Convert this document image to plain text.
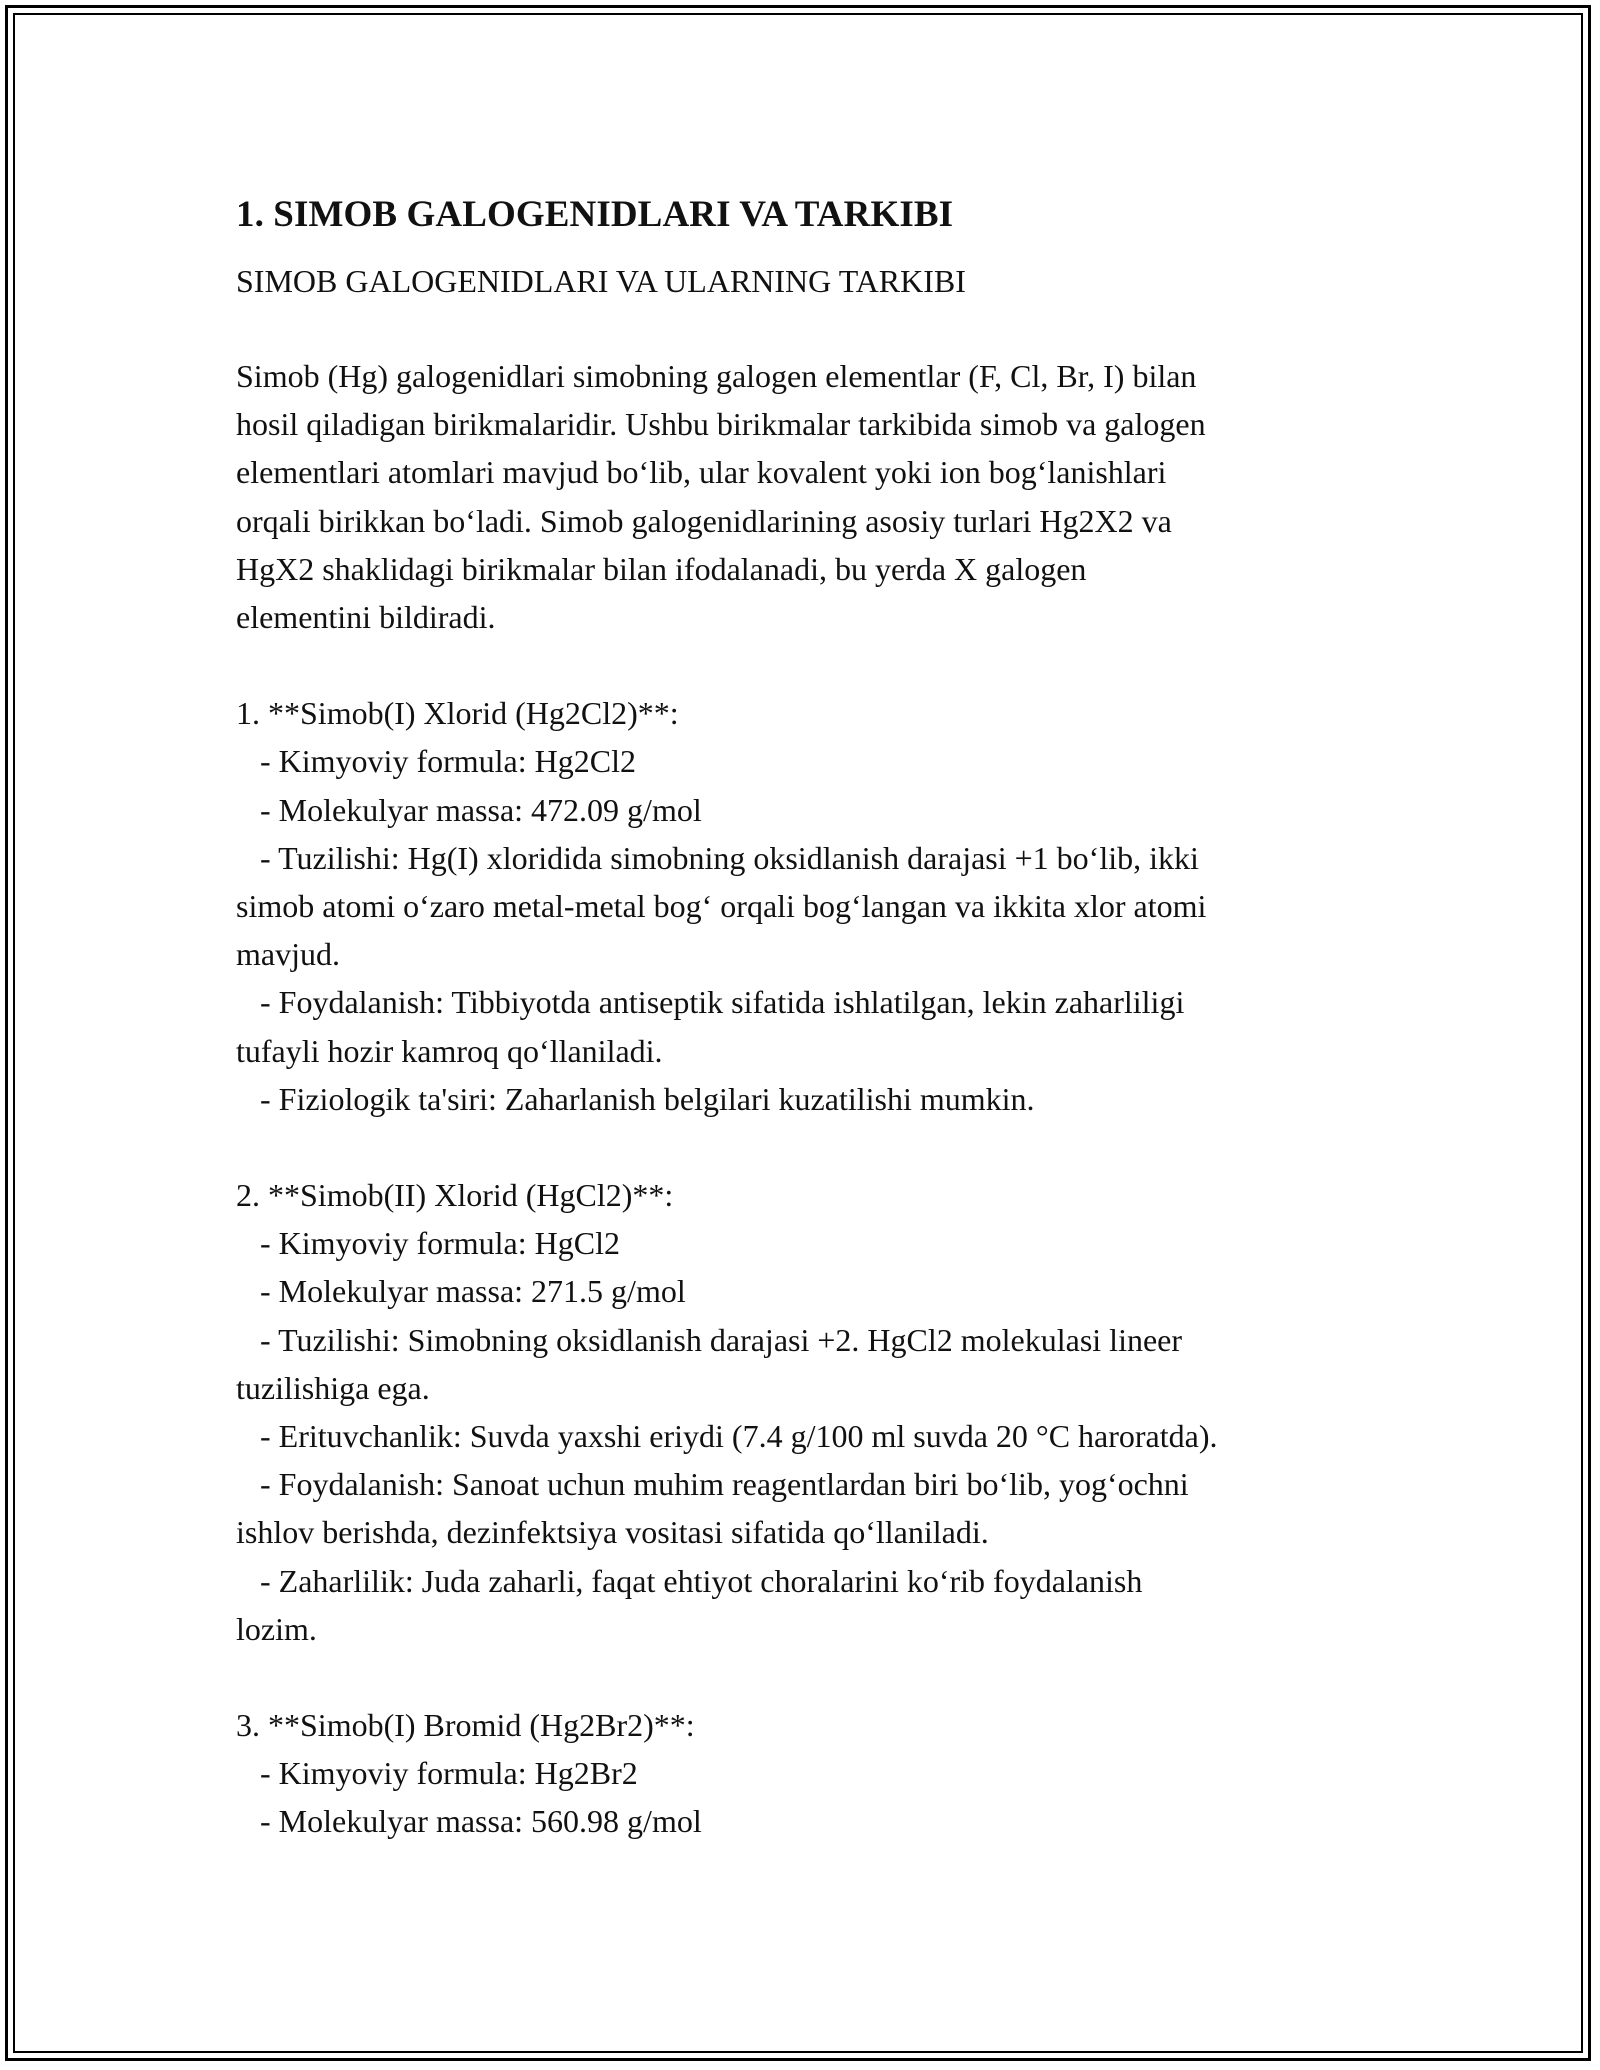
1. SIMOB GALOGENIDLARI VA TARKIBI

SIMOB GALOGENIDLARI VA ULARNING TARKIBI

Simob (Hg) galogenidlari simobning galogen elementlar (F, Cl, Br, I) bilan
hosil qiladigan birikmalaridir. Ushbu birikmalar tarkibida simob va galogen
elementlari atomlari mavjud bo‘lib, ular kovalent yoki ion bog‘lanishlari
orqali birikkan bo‘ladi. Simob galogenidlarining asosiy turlari Hg2X2 va
HgX2 shaklidagi birikmalar bilan ifodalanadi, bu yerda X galogen
elementini bildiradi.

1. **Simob(I) Xlorid (Hg2Cl2)**:
- Kimyoviy formula: Hg2Cl2
- Molekulyar massa: 472.09 g/mol
- Tuzilishi: Hg(I) xloridida simobning oksidlanish darajasi +1 bo‘lib, ikki
simob atomi o‘zaro metal-metal bog‘ orqali bog‘langan va ikkita xlor atomi
mavjud.
- Foydalanish: Tibbiyotda antiseptik sifatida ishlatilgan, lekin zaharliligi
tufayli hozir kamroq qo‘llaniladi.
- Fiziologik ta'siri: Zaharlanish belgilari kuzatilishi mumkin.

2. **Simob(II) Xlorid (HgCl2)**:
- Kimyoviy formula: HgCl2
- Molekulyar massa: 271.5 g/mol
- Tuzilishi: Simobning oksidlanish darajasi +2. HgCl2 molekulasi lineer
tuzilishiga ega.
- Erituvchanlik: Suvda yaxshi eriydi (7.4 g/100 ml suvda 20 °C haroratda).
- Foydalanish: Sanoat uchun muhim reagentlardan biri bo‘lib, yog‘ochni
ishlov berishda, dezinfektsiya vositasi sifatida qo‘llaniladi.
- Zaharlilik: Juda zaharli, faqat ehtiyot choralarini ko‘rib foydalanish
lozim.

3. **Simob(I) Bromid (Hg2Br2)**:
- Kimyoviy formula: Hg2Br2
- Molekulyar massa: 560.98 g/mol
